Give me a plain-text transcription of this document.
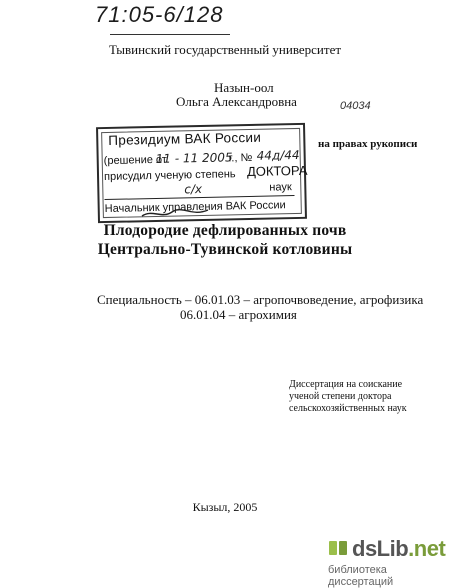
71:05-6/128
Тывинский государственный университет
Назын-оол
Ольга Александровна	04034
Президиум ВАК России
(решение от
11 - 11 2005
г., № 44д/44
присудил ученую степень ДОКТОРА
с/х	наук
Начальник управления ВАК России
на правах рукописи
Плодородие дефлированных почв
Центрально-Тувинской котловины
Специальность – 06.01.03 – агропочвоведение, агрофизика
06.01.04 – агрохимия
Диссертация на соискание
ученой степени доктора
сельскохозяйственных наук
Кызыл, 2005
dsLib.net
библиотека диссертаций
